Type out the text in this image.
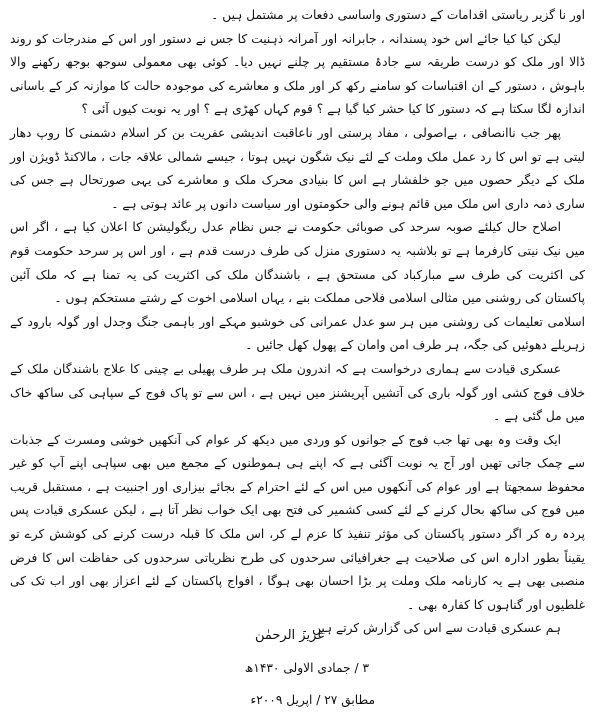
اور نا گزیر ریاستی اقدامات کے دستوری واساسی دفعات پر مشتمل ہیں ۔

لیکن کیا کیا جائے اس خود پسندانہ ، جابرانہ اور آمرانہ ذہنیت کا جس نے دستور اور اس کے مندرجات کو روند ڈالا اور ملک کو درست طریقہ سے جادۂ مستقیم پر چلنے نہیں دیا۔ کوئی بھی معمولی سوجھ بوجھ رکھنے والا باہوش ، دستور کے ان اقتباسات کو سامنے رکھ کر اور ملک و معاشرے کی موجودہ حالت کا موازنہ کر کے باسانی اندازہ لگا سکتا ہے کہ دستور کا کیا حشر کیا گیا ہے ؟ قوم کہاں کھڑی ہے ؟ اور یہ نوبت کیوں آئی ؟

پھر جب ناانصافی ، بےاصولی ، مفاد پرستی اور ناعاقبت اندیشی عفریت بن کر اسلام دشمنی کا روپ دھار لیتی ہے تو اس کا رد عمل ملک وملت کے لئے نیک شگون نہیں ہوتا ، جیسے شمالی علاقہ جات ، مالاکنڈ ڈویژن اور ملک کے دیگر حصوں میں جو خلفشار ہے اس کا بنیادی محرک ملک و معاشرے کی یہی صورتحال ہے جس کی ساری ذمہ داری اس ملک میں قائم ہونے والی حکومتوں اور سیاست دانوں پر عائد ہوتی ہے ۔

اصلاح حال کیلئے صوبہ سرحد کی صوبائی حکومت نے جس نظام عدل ریگولیشن کا اعلان کیا ہے ، اگر اس میں نیک نیتی کارفرما ہے تو بلاشبہ یہ دستوری منزل کی طرف درست قدم ہے ، اور اس پر سرحد حکومت قوم کی اکثریت کی طرف سے مبارکباد کی مستحق ہے ، باشندگان ملک کی اکثریت کی یہ تمنا ہے کہ ملک آئین پاکستان کی روشنی میں مثالی اسلامی فلاحی مملکت بنے ، یہاں اسلامی اخوت کے رشتے مستحکم ہوں ۔

اسلامی تعلیمات کی روشنی میں ہر سو عدل عمرانی کی خوشبو مہکے اور باہمی جنگ وجدل اور گولہ بارود کے زہریلے دھوئیں کی جگہ، ہر طرف امن وامان کے پھول کھل جائیں ۔

عسکری قیادت سے ہماری درخواست ہے کہ اندرون ملک ہر طرف پھیلی بے چینی کا علاج باشندگان ملک کے خلاف فوج کشی اور گولہ باری کی آتشیں آپریشنز میں نہیں ہے ، اس سے تو پاک فوج کے سپاہی کی ساکھ خاک میں مل گئی ہے ۔

ایک وقت وہ بھی تھا جب فوج کے جوانوں کو وردی میں دیکھ کر عوام کی آنکھیں خوشی ومسرت کے جذبات سے چمک جاتی تھیں اور آج یہ نوبت آگئی ہے کہ اپنے ہی ہموطنوں کے مجمع میں بھی سپاہی اپنے آپ کو غیر محفوظ سمجھتا ہے اور عوام کی آنکھوں میں اس کے لئے احترام کے بجائے بیزاری اور اجنبیت ہے ، مستقبل قریب میں فوج کی ساکھ بحال کرنے کے لئے کسی کشمیر کی فتح بھی ایک خواب نظر آتا ہے ، لیکن عسکری قیادت پس پردہ رہ کر اگر دستور پاکستان کی مؤثر تنفیذ کا عزم لے کر، اس ملک کا قبلہ درست کرنے کی کوشش کرے تو یقیناً بطور ادارہ اس کی صلاحیت ہے جغرافیائی سرحدوں کی طرح نظریاتی سرحدوں کی حفاظت اس کا فرض منصبی بھی ہے یہ کارنامہ ملک وملت پر بڑا احسان بھی ہوگا ، افواج پاکستان کے لئے اعزاز بھی اور اب تک کی غلطیوں اور گناہوں کا کفارہ بھی ۔

ہم عسکری قیادت سے اس کی گزارش کرتے ہیں ۔

عزیز الرحمٰن
۳ / جمادی الاولی ۱۴۳۰ھ
مطابق ۲۷ / اپریل ۲۰۰۹ء
